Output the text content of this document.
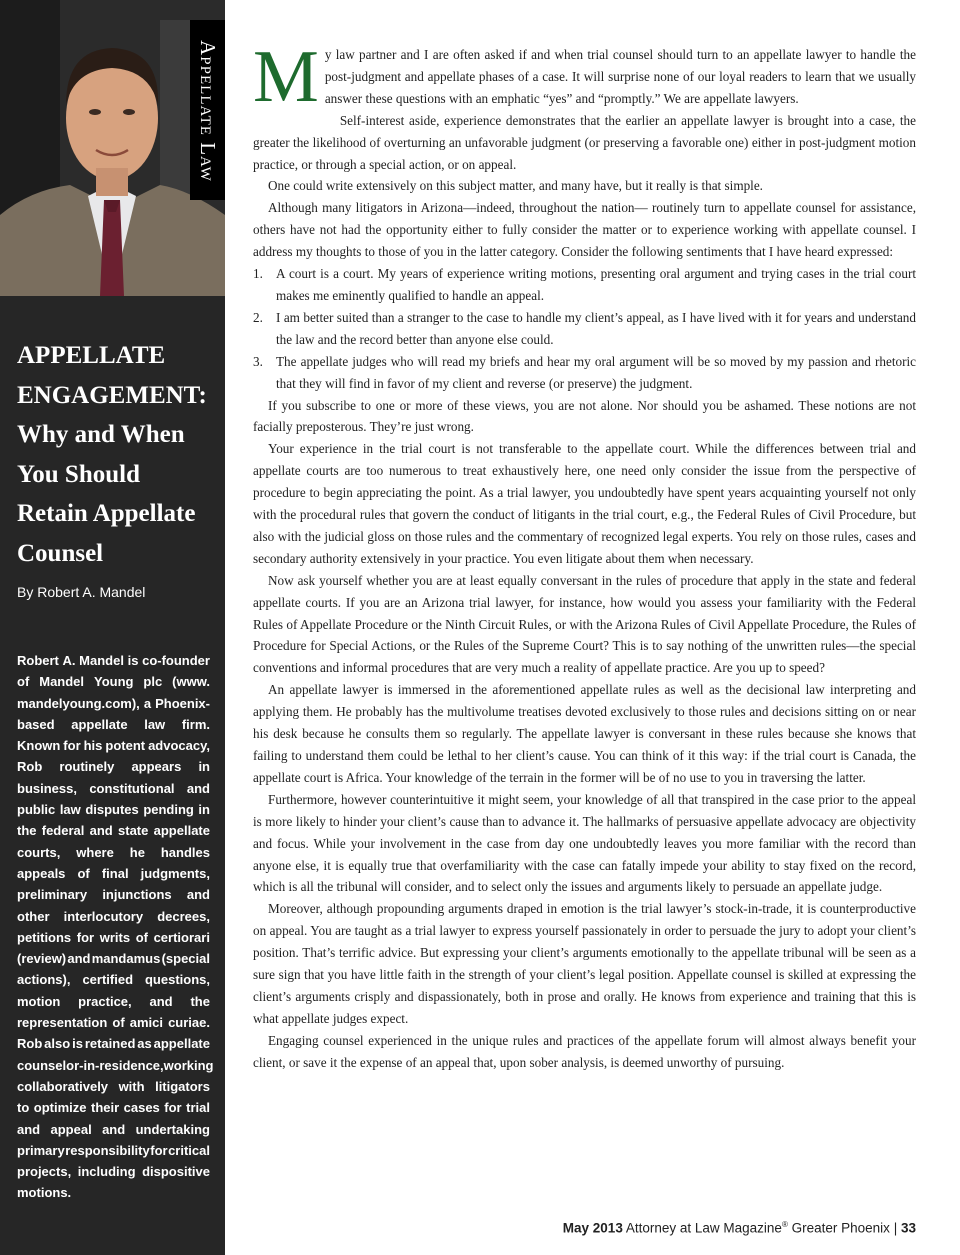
Appellate Law
APPELLATE
ENGAGEMENT:
Why and When
You Should
Retain Appellate
Counsel
By Robert A. Mandel
Robert A. Mandel is co-founder
of Mandel Young plc (www.
mandelyoung.com), a Phoenix-
based appellate law firm.
Known for his potent advocacy,
Rob routinely appears in
business, constitutional and
public law disputes pending in
the federal and state appellate
courts, where he handles
appeals of final judgments,
preliminary injunctions and
other interlocutory decrees,
petitions for writs of certiorari
(review) and mandamus (special
actions), certified questions,
motion practice, and the
representation of amici curiae.
Rob also is retained as appellate
counselor-in-residence, working
collaboratively with litigators
to optimize their cases for trial
and appeal and undertaking
primary responsibility for critical
projects, including dispositive
motions.
M y law partner and I are often asked if and when trial counsel should turn to an appellate lawyer to handle the post-judgment and appellate phases of a case. It will surprise none of our loyal readers to learn that we usually answer these questions with an emphatic “yes” and “promptly.” We are appellate lawyers.

Self-interest aside, experience demonstrates that the earlier an appellate lawyer is brought into a case, the greater the likelihood of overturning an unfavorable judgment (or preserving a favorable one) either in post-judgment motion practice, or through a special action, or on appeal.

One could write extensively on this subject matter, and many have, but it really is that simple.

Although many litigators in Arizona—indeed, throughout the nation— routinely turn to appellate counsel for assistance, others have not had the opportunity either to fully consider the matter or to experience working with appellate counsel. I address my thoughts to those of you in the latter category. Consider the following sentiments that I have heard expressed:

1. A court is a court. My years of experience writing motions, presenting oral argument and trying cases in the trial court makes me eminently qualified to handle an appeal.
2. I am better suited than a stranger to the case to handle my client’s appeal, as I have lived with it for years and understand the law and the record better than anyone else could.
3. The appellate judges who will read my briefs and hear my oral argument will be so moved by my passion and rhetoric that they will find in favor of my client and reverse (or preserve) the judgment.

If you subscribe to one or more of these views, you are not alone. Nor should you be ashamed. These notions are not facially preposterous. They’re just wrong.

Your experience in the trial court is not transferable to the appellate court. While the differences between trial and appellate courts are too numerous to treat exhaustively here, one need only consider the issue from the perspective of procedure to begin appreciating the point. As a trial lawyer, you undoubtedly have spent years acquainting yourself not only with the procedural rules that govern the conduct of litigants in the trial court, e.g., the Federal Rules of Civil Procedure, but also with the judicial gloss on those rules and the commentary of recognized legal experts. You rely on those rules, cases and secondary authority extensively in your practice. You even litigate about them when necessary.

Now ask yourself whether you are at least equally conversant in the rules of procedure that apply in the state and federal appellate courts. If you are an Arizona trial lawyer, for instance, how would you assess your familiarity with the Federal Rules of Appellate Procedure or the Ninth Circuit Rules, or with the Arizona Rules of Civil Appellate Procedure, the Rules of Procedure for Special Actions, or the Rules of the Supreme Court? This is to say nothing of the unwritten rules—the special conventions and informal procedures that are very much a reality of appellate practice. Are you up to speed?

An appellate lawyer is immersed in the aforementioned appellate rules as well as the decisional law interpreting and applying them. He probably has the multivolume treatises devoted exclusively to those rules and decisions sitting on or near his desk because he consults them so regularly. The appellate lawyer is conversant in these rules because she knows that failing to understand them could be lethal to her client’s cause. You can think of it this way: if the trial court is Canada, the appellate court is Africa. Your knowledge of the terrain in the former will be of no use to you in traversing the latter.

Furthermore, however counterintuitive it might seem, your knowledge of all that transpired in the case prior to the appeal is more likely to hinder your client’s cause than to advance it. The hallmarks of persuasive appellate advocacy are objectivity and focus. While your involvement in the case from day one undoubtedly leaves you more familiar with the record than anyone else, it is equally true that overfamiliarity with the case can fatally impede your ability to stay fixed on the record, which is all the tribunal will consider, and to select only the issues and arguments likely to persuade an appellate judge.

Moreover, although propounding arguments draped in emotion is the trial lawyer’s stock-in-trade, it is counterproductive on appeal. You are taught as a trial lawyer to express yourself passionately in order to persuade the jury to adopt your client’s position. That’s terrific advice. But expressing your client’s arguments emotionally to the appellate tribunal will be seen as a sure sign that you have little faith in the strength of your client’s legal position. Appellate counsel is skilled at expressing the client’s arguments crisply and dispassionately, both in prose and orally. He knows from experience and training that this is what appellate judges expect.

Engaging counsel experienced in the unique rules and practices of the appellate forum will almost always benefit your client, or save it the expense of an appeal that, upon sober analysis, is deemed unworthy of pursuing.

May 2013 Attorney at Law Magazine® Greater Phoenix | 33
